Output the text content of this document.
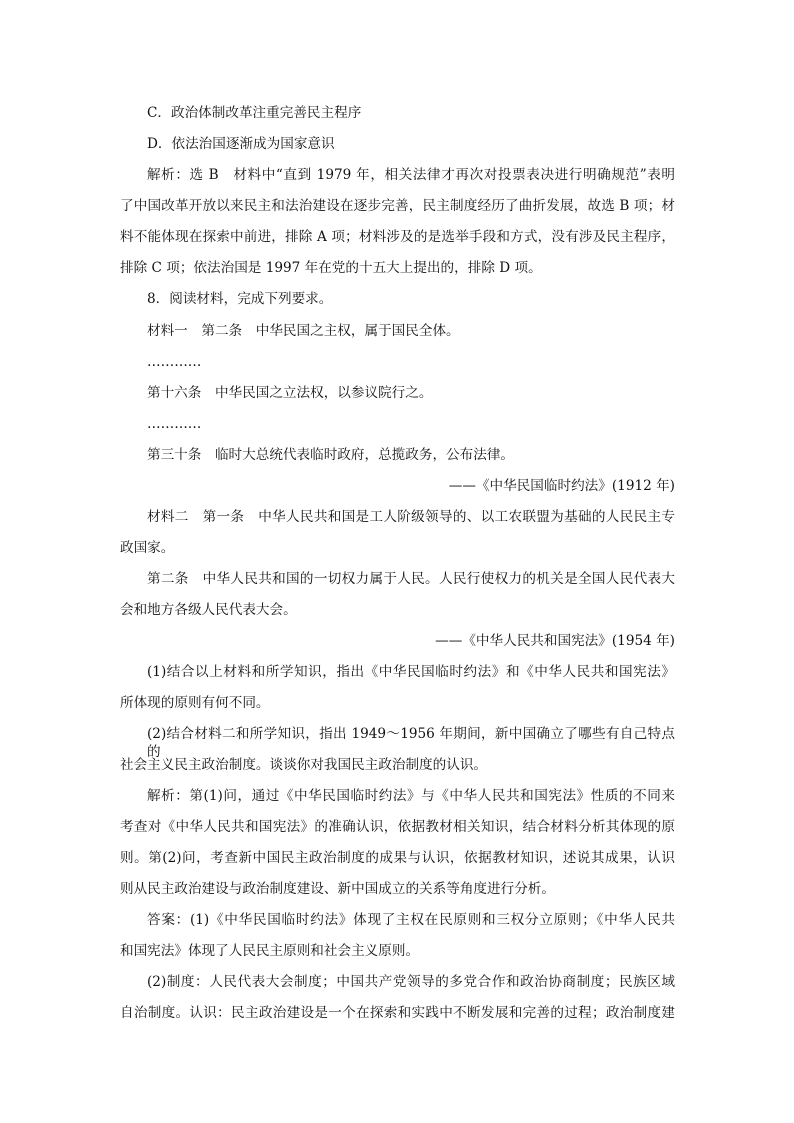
C．政治体制改革注重完善民主程序
D．依法治国逐渐成为国家意识
解析：选 B　材料中“直到 1979 年，相关法律才再次对投票表决进行明确规范”表明
了中国改革开放以来民主和法治建设在逐步完善，民主制度经历了曲折发展，故选 B 项；材
料不能体现在探索中前进，排除 A 项；材料涉及的是选举手段和方式，没有涉及民主程序，
排除 C 项；依法治国是 1997 年在党的十五大上提出的，排除 D 项。
8．阅读材料，完成下列要求。
材料一　第二条　中华民国之主权，属于国民全体。
…………
第十六条　中华民国之立法权，以参议院行之。
…………
第三十条　临时大总统代表临时政府，总揽政务，公布法律。
——《中华民国临时约法》(1912 年)
材料二　第一条　中华人民共和国是工人阶级领导的、以工农联盟为基础的人民民主专
政国家。
第二条　中华人民共和国的一切权力属于人民。人民行使权力的机关是全国人民代表大
会和地方各级人民代表大会。
——《中华人民共和国宪法》(1954 年)
(1)结合以上材料和所学知识，指出《中华民国临时约法》和《中华人民共和国宪法》
所体现的原则有何不同。
(2)结合材料二和所学知识，指出 1949～1956 年期间，新中国确立了哪些有自己特点的
社会主义民主政治制度。谈谈你对我国民主政治制度的认识。
解析：第(1)问，通过《中华民国临时约法》与《中华人民共和国宪法》性质的不同来
考查对《中华人民共和国宪法》的准确认识，依据教材相关知识，结合材料分析其体现的原
则。第(2)问，考查新中国民主政治制度的成果与认识，依据教材知识，述说其成果，认识
则从民主政治建设与政治制度建设、新中国成立的关系等角度进行分析。
答案：(1)《中华民国临时约法》体现了主权在民原则和三权分立原则；《中华人民共
和国宪法》体现了人民民主原则和社会主义原则。
(2)制度：人民代表大会制度；中国共产党领导的多党合作和政治协商制度；民族区域
自治制度。认识：民主政治建设是一个在探索和实践中不断发展和完善的过程；政治制度建
